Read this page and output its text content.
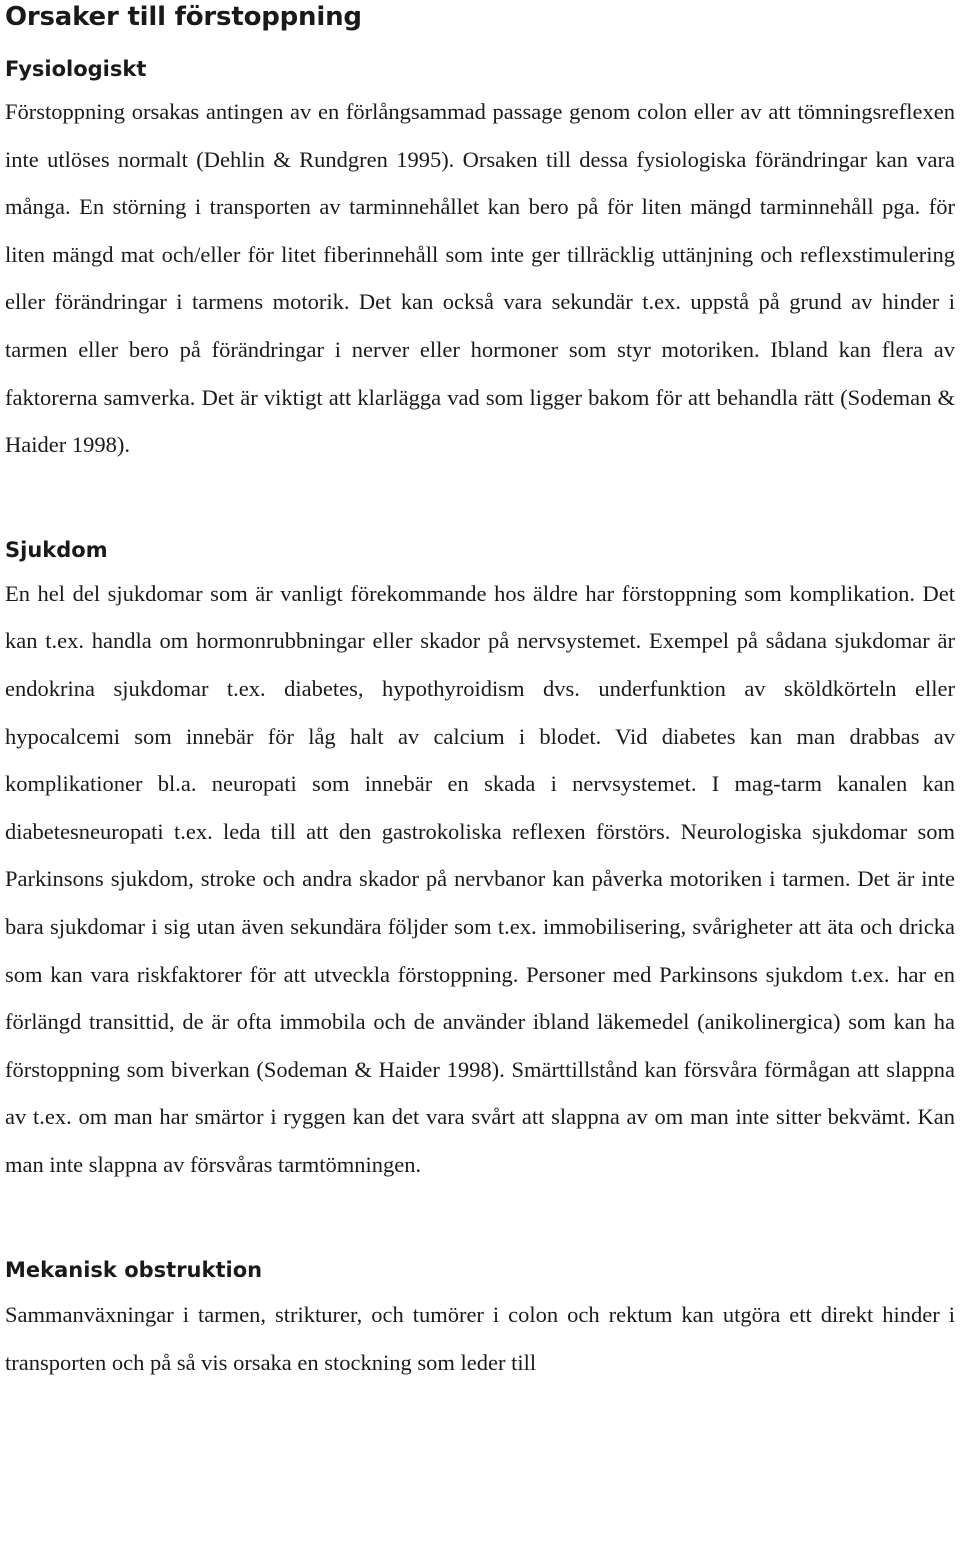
Orsaker till förstoppning
Fysiologiskt

Förstoppning orsakas antingen av en förlångsammad passage genom colon eller av att tömningsreflexen inte utlöses normalt (Dehlin & Rundgren 1995). Orsaken till dessa fysiologiska förändringar kan vara många. En störning i transporten av tarminnehållet kan bero på för liten mängd tarminnehåll pga. för liten mängd mat och/eller för litet fiberinnehåll som inte ger tillräcklig uttänjning och reflexstimulering eller förändringar i tarmens motorik. Det kan också vara sekundär t.ex. uppstå på grund av hinder i tarmen eller bero på förändringar i nerver eller hormoner som styr motoriken. Ibland kan flera av faktorerna samverka. Det är viktigt att klarlägga vad som ligger bakom för att behandla rätt (Sodeman & Haider 1998).

Sjukdom

En hel del sjukdomar som är vanligt förekommande hos äldre har förstoppning som komplikation. Det kan t.ex. handla om hormonrubbningar eller skador på nervsystemet. Exempel på sådana sjukdomar är endokrina sjukdomar t.ex. diabetes, hypothyroidism dvs. underfunktion av sköldkörteln eller hypocalcemi som innebär för låg halt av calcium i blodet. Vid diabetes kan man drabbas av komplikationer bl.a. neuropati som innebär en skada i nervsystemet. I mag-tarm kanalen kan diabetesneuropati t.ex. leda till att den gastrokoliska reflexen förstörs. Neurologiska sjukdomar som Parkinsons sjukdom, stroke och andra skador på nervbanor kan påverka motoriken i tarmen. Det är inte bara sjukdomar i sig utan även sekundära följder som t.ex. immobilisering, svårigheter att äta och dricka som kan vara riskfaktorer för att utveckla förstoppning. Personer med Parkinsons sjukdom t.ex. har en förlängd transittid, de är ofta immobila och de använder ibland läkemedel (anikolinergica) som kan ha förstoppning som biverkan (Sodeman & Haider 1998). Smärttillstånd kan försvåra förmågan att slappna av t.ex. om man har smärtor i ryggen kan det vara svårt att slappna av om man inte sitter bekvämt. Kan man inte slappna av försvåras tarmtömningen.

Mekanisk obstruktion

Sammanväxningar i tarmen, strikturer, och tumörer i colon och rektum kan utgöra ett direkt hinder i transporten och på så vis orsaka en stockning som leder till
